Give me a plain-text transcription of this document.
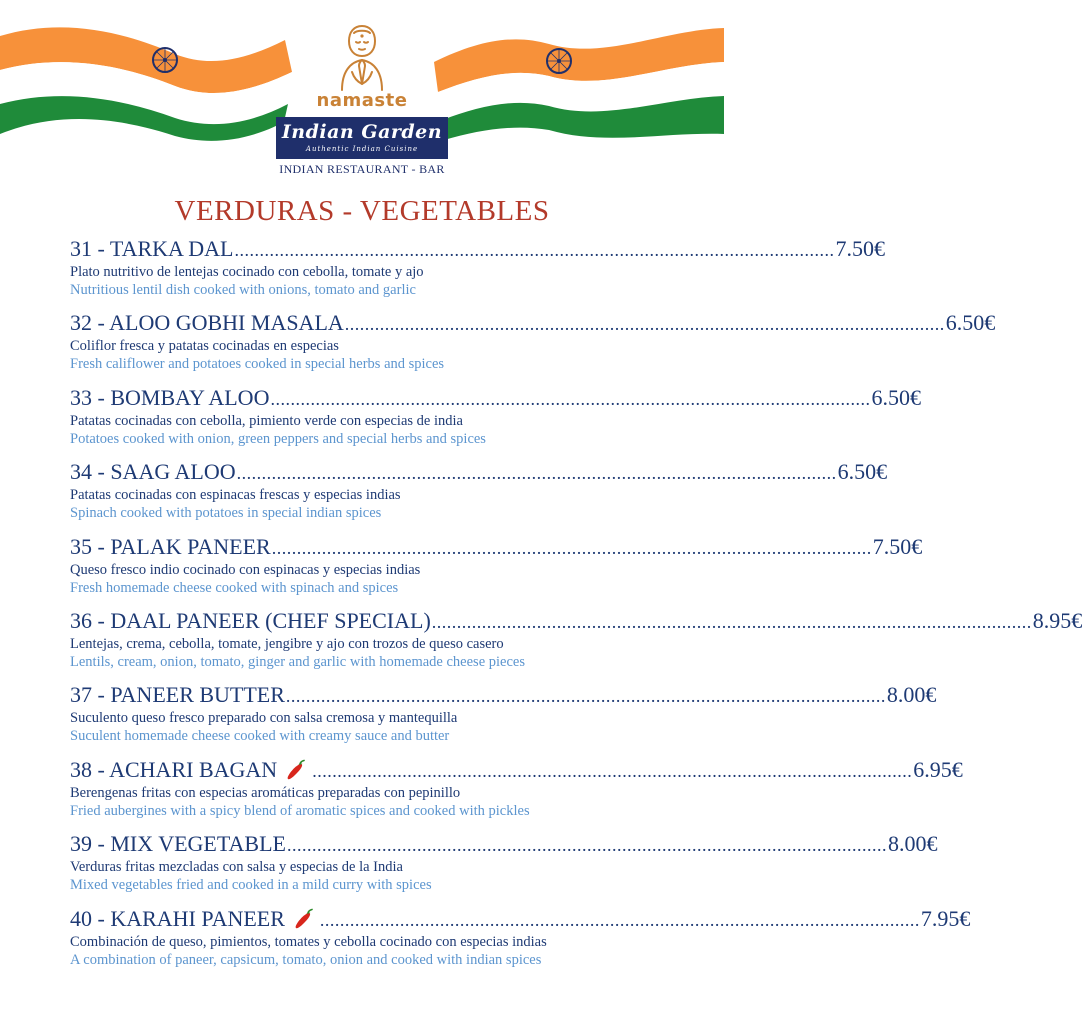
namaste
Indian Garden
Authentic Indian Cuisine
INDIAN RESTAURANT - BAR
VERDURAS - VEGETABLES
31 - TARKA DAL ........................................................................................................................ 7.50€
Plato nutritivo de lentejas cocinado con cebolla, tomate y ajo
Nutritious lentil dish cooked with onions, tomato and garlic
32 - ALOO GOBHI MASALA ........................................................................................................................ 6.50€
Coliflor fresca y patatas cocinadas en especias
Fresh califlower and potatoes cooked in special herbs and spices
33 - BOMBAY ALOO ........................................................................................................................ 6.50€
Patatas cocinadas con cebolla, pimiento verde con especias de india
Potatoes cooked with onion, green peppers and special herbs and spices
34 - SAAG ALOO ........................................................................................................................ 6.50€
Patatas cocinadas con espinacas frescas y especias indias
Spinach cooked with potatoes in special indian spices
35 - PALAK PANEER ........................................................................................................................ 7.50€
Queso fresco indio cocinado con espinacas y especias indias
Fresh homemade cheese cooked with spinach and spices
36 - DAAL PANEER (CHEF SPECIAL) ........................................................................................................................ 8.95€
Lentejas, crema, cebolla, tomate, jengibre y ajo con trozos de queso casero
Lentils, cream, onion, tomato, ginger and garlic with homemade cheese pieces
37 - PANEER BUTTER ........................................................................................................................ 8.00€
Suculento queso fresco preparado con salsa cremosa y mantequilla
Suculent homemade cheese cooked with creamy sauce and butter
38 - ACHARI BAGAN ........................................................................................................................ 6.95€
Berengenas fritas con especias aromáticas preparadas con pepinillo
Fried aubergines with a spicy blend of aromatic spices and cooked with pickles
39 - MIX VEGETABLE ........................................................................................................................ 8.00€
Verduras fritas mezcladas con salsa y especias de la India
Mixed vegetables fried and cooked in a mild curry with spices
40 - KARAHI PANEER ........................................................................................................................ 7.95€
Combinación de queso, pimientos, tomates y cebolla cocinado con especias indias
A combination of paneer, capsicum, tomato, onion and cooked with indian spices
